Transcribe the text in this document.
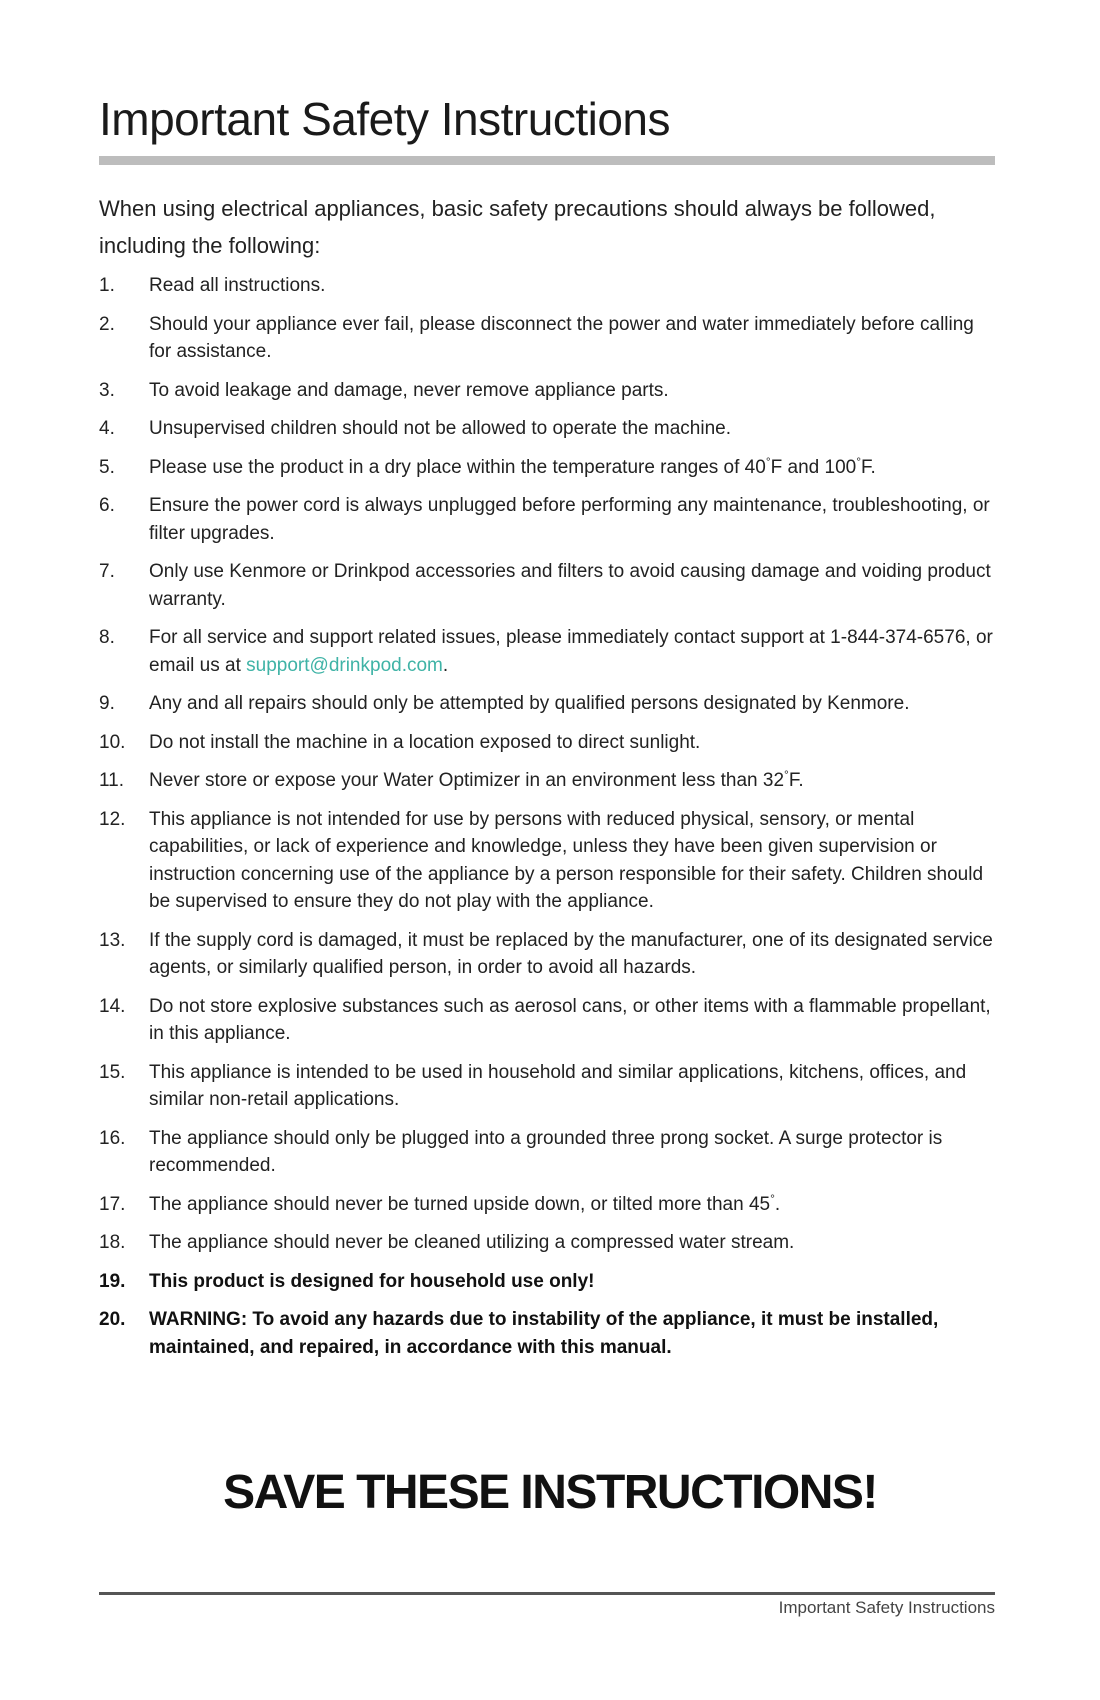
Important Safety Instructions

When using electrical appliances, basic safety precautions should always be followed, including the following:

1.	Read all instructions.
2.	Should your appliance ever fail, please disconnect the power and water immediately before calling for assistance.
3.	To avoid leakage and damage, never remove appliance parts.
4.	Unsupervised children should not be allowed to operate the machine.
5.	Please use the product in a dry place within the temperature ranges of 40°F and 100°F.
6.	Ensure the power cord is always unplugged before performing any maintenance, troubleshooting, or filter upgrades.
7.	Only use Kenmore or Drinkpod accessories and filters to avoid causing damage and voiding product warranty.
8.	For all service and support related issues, please immediately contact support at 1-844-374-6576, or email us at support@drinkpod.com.
9.	Any and all repairs should only be attempted by qualified persons designated by Kenmore.
10.	Do not install the machine in a location exposed to direct sunlight.
11.	Never store or expose your Water Optimizer in an environment less than 32°F.
12.	This appliance is not intended for use by persons with reduced physical, sensory, or mental capabilities, or lack of experience and knowledge, unless they have been given supervision or instruction concerning use of the appliance by a person responsible for their safety. Children should be supervised to ensure they do not play with the appliance.
13.	If the supply cord is damaged, it must be replaced by the manufacturer, one of its designated service agents, or similarly qualified person, in order to avoid all hazards.
14.	Do not store explosive substances such as aerosol cans, or other items with a flammable propellant, in this appliance.
15.	This appliance is intended to be used in household and similar applications, kitchens, offices, and similar non-retail applications.
16.	The appliance should only be plugged into a grounded three prong socket. A surge protector is recommended.
17.	The appliance should never be turned upside down, or tilted more than 45°.
18.	The appliance should never be cleaned utilizing a compressed water stream.
19.	This product is designed for household use only!
20.	WARNING: To avoid any hazards due to instability of the appliance, it must be installed, maintained, and repaired, in accordance with this manual.
SAVE THESE INSTRUCTIONS!
Important Safety Instructions
